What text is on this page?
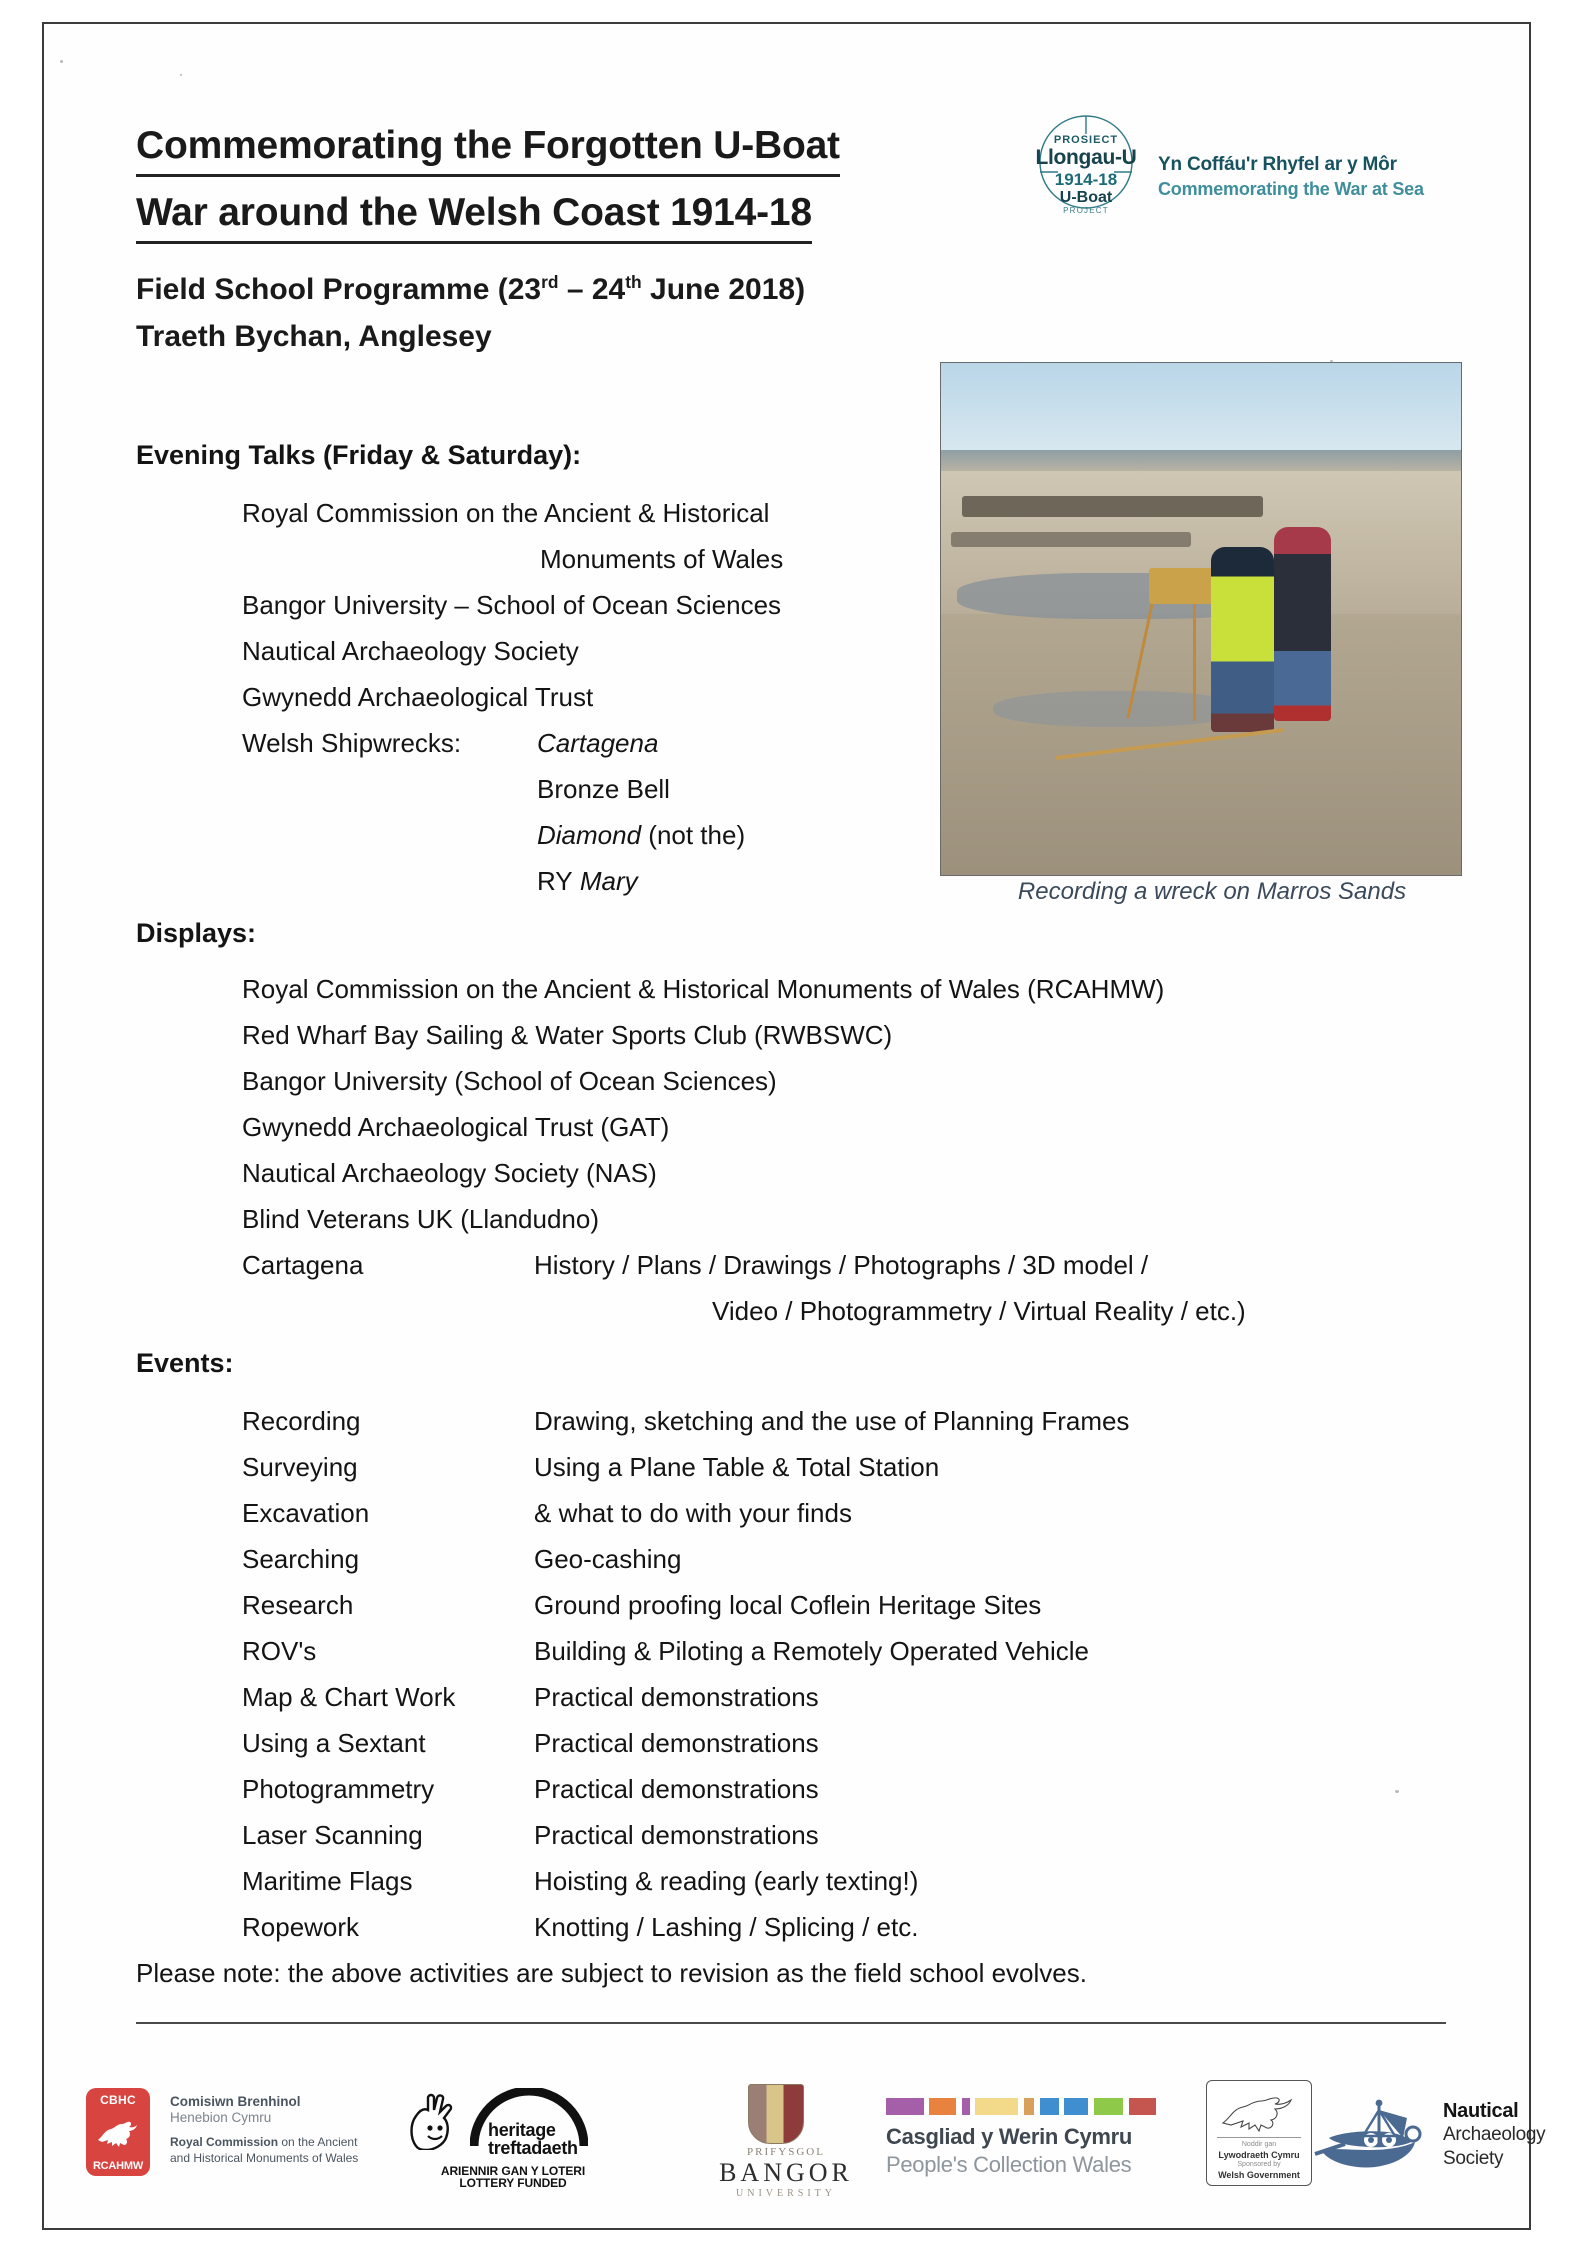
Commemorating the Forgotten U-Boat
War around the Welsh Coast 1914-18
PROSIECT
Llongau-U
1914-18
U-Boat
PROJECT
Yn Coffáu'r Rhyfel ar y Môr
Commemorating the War at Sea
Field School Programme (23rd – 24th June 2018)
Traeth Bychan, Anglesey
Recording a wreck on Marros Sands
Evening Talks (Friday & Saturday):
Royal Commission on the Ancient & Historical
Monuments of Wales
Bangor University – School of Ocean Sciences
Nautical Archaeology Society
Gwynedd Archaeological Trust
Welsh Shipwrecks:	Cartagena
Bronze Bell
Diamond (not the)
RY Mary
Displays:
Royal Commission on the Ancient & Historical Monuments of Wales (RCAHMW)
Red Wharf Bay Sailing & Water Sports Club (RWBSWC)
Bangor University (School of Ocean Sciences)
Gwynedd Archaeological Trust (GAT)
Nautical Archaeology Society (NAS)
Blind Veterans UK (Llandudno)
Cartagena	History / Plans / Drawings / Photographs / 3D model /
Video / Photogrammetry / Virtual Reality / etc.)
Events:
Recording	Drawing, sketching and the use of Planning Frames
Surveying	Using a Plane Table & Total Station
Excavation	& what to do with your finds
Searching	Geo-cashing
Research	Ground proofing local Coflein Heritage Sites
ROV's	Building & Piloting a Remotely Operated Vehicle
Map & Chart Work	Practical demonstrations
Using a Sextant	Practical demonstrations
Photogrammetry	Practical demonstrations
Laser Scanning	Practical demonstrations
Maritime Flags	Hoisting & reading (early texting!)
Ropework	Knotting / Lashing / Splicing / etc.
Please note: the above activities are subject to revision as the field school evolves.
CBHC
RCAHMW
Comisiwn Brenhinol
Henebion Cymru
Royal Commission on the Ancient
and Historical Monuments of Wales
heritage
treftadaeth
ARIENNIR GAN Y LOTERI
LOTTERY FUNDED
PRIFYSGOL
BANGOR
UNIVERSITY
Casgliad y Werin Cymru
People's Collection Wales
Noddir gan
Lywodraeth Cymru
Sponsored by
Welsh Government
Nautical
Archaeology
Society
